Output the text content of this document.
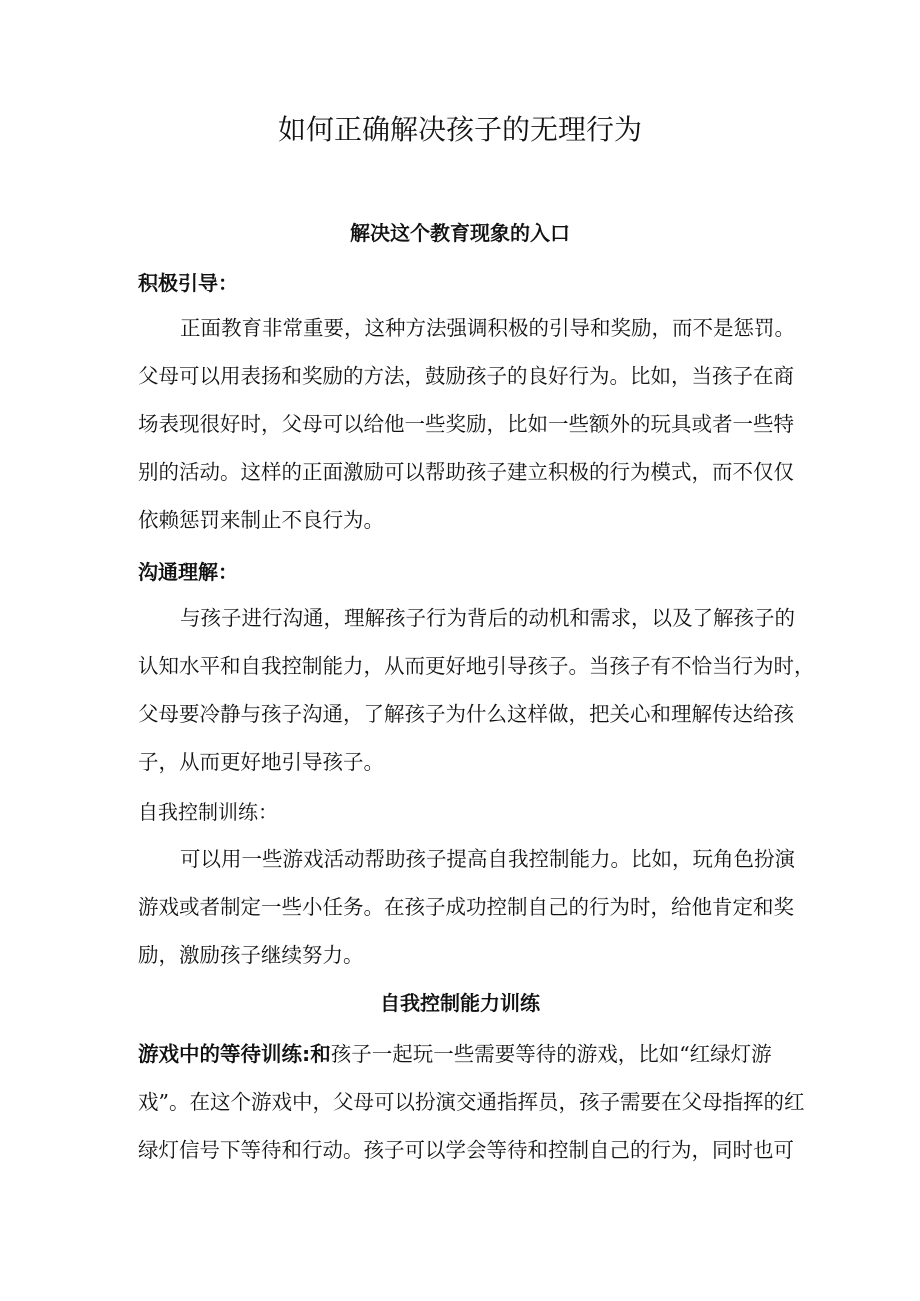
如何正确解决孩子的无理行为
解决这个教育现象的入口
积极引导：
正面教育非常重要，这种方法强调积极的引导和奖励，而不是惩罚。
父母可以用表扬和奖励的方法，鼓励孩子的良好行为。比如，当孩子在商
场表现很好时，父母可以给他一些奖励，比如一些额外的玩具或者一些特
别的活动。这样的正面激励可以帮助孩子建立积极的行为模式，而不仅仅
依赖惩罚来制止不良行为。
沟通理解：
与孩子进行沟通，理解孩子行为背后的动机和需求，以及了解孩子的
认知水平和自我控制能力，从而更好地引导孩子。当孩子有不恰当行为时，
父母要冷静与孩子沟通，了解孩子为什么这样做，把关心和理解传达给孩
子，从而更好地引导孩子。
自我控制训练：
可以用一些游戏活动帮助孩子提高自我控制能力。比如，玩角色扮演
游戏或者制定一些小任务。在孩子成功控制自己的行为时，给他肯定和奖
励，激励孩子继续努力。
自我控制能力训练
游戏中的等待训练:和孩子一起玩一些需要等待的游戏，比如“红绿灯游
戏”。在这个游戏中，父母可以扮演交通指挥员，孩子需要在父母指挥的红
绿灯信号下等待和行动。孩子可以学会等待和控制自己的行为，同时也可
